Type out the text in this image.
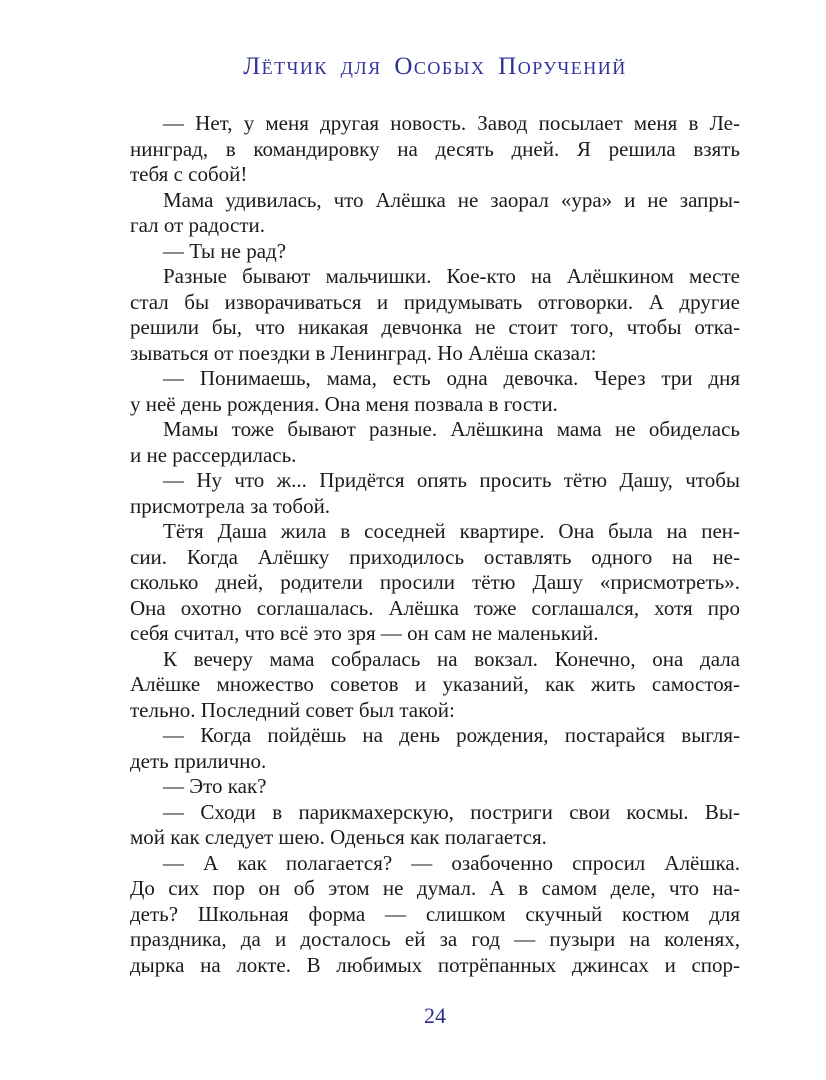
Лётчик для Особых Поручений
— Нет, у меня другая новость. Завод посылает меня в Ле-
нинград, в командировку на десять дней. Я решила взять
тебя с собой!
Мама удивилась, что Алёшка не заорал «ура» и не запры-
гал от радости.
— Ты не рад?
Разные бывают мальчишки. Кое-кто на Алёшкином месте
стал бы изворачиваться и придумывать отговорки. А другие
решили бы, что никакая девчонка не стоит того, чтобы отка-
зываться от поездки в Ленинград. Но Алёша сказал:
— Понимаешь, мама, есть одна девочка. Через три дня
у неё день рождения. Она меня позвала в гости.
Мамы тоже бывают разные. Алёшкина мама не обиделась
и не рассердилась.
— Ну что ж... Придётся опять просить тётю Дашу, чтобы
присмотрела за тобой.
Тётя Даша жила в соседней квартире. Она была на пен-
сии. Когда Алёшку приходилось оставлять одного на не-
сколько дней, родители просили тётю Дашу «присмотреть».
Она охотно соглашалась. Алёшка тоже соглашался, хотя про
себя считал, что всё это зря — он сам не маленький.
К вечеру мама собралась на вокзал. Конечно, она дала
Алёшке множество советов и указаний, как жить самостоя-
тельно. Последний совет был такой:
— Когда пойдёшь на день рождения, постарайся выгля-
деть прилично.
— Это как?
— Сходи в парикмахерскую, постриги свои космы. Вы-
мой как следует шею. Оденься как полагается.
— А как полагается? — озабоченно спросил Алёшка.
До сих пор он об этом не думал. А в самом деле, что на-
деть? Школьная форма — слишком скучный костюм для
праздника, да и досталось ей за год — пузыри на коленях,
дырка на локте. В любимых потрёпанных джинсах и спор-
24
